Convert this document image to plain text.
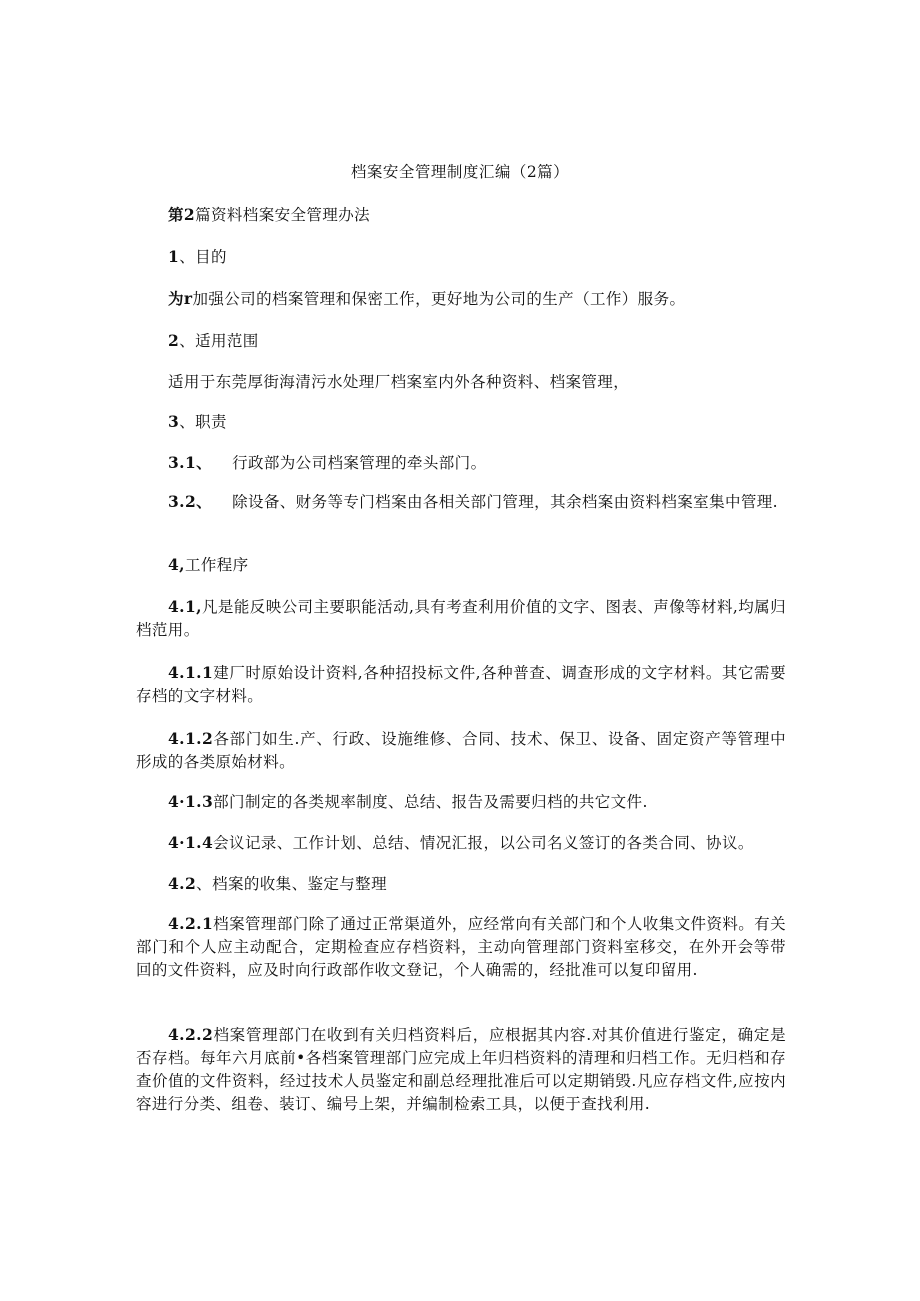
档案安全管理制度汇编（2篇）
第2篇资料档案安全管理办法
1、目的
为r加强公司的档案管理和保密工作，更好地为公司的生产（工作）服务。
2、适用范围
适用于东莞厚街海清污水处理厂档案室内外各种资料、档案管理，
3、职责
3.1、 行政部为公司档案管理的牵头部门。
3.2、 除设备、财务等专门档案由各相关部门管理，其余档案由资料档案室集中管理.
4,工作程序
4.1,凡是能反映公司主要职能活动,具有考查利用价值的文字、图表、声像等材料,均属归档范用。
4.1.1建厂时原始设计资料,各种招投标文件,各种普查、调查形成的文字材料。其它需要存档的文字材料。
4.1.2各部门如生.产、行政、设施维修、合同、技术、保卫、设备、固定资产等管理中形成的各类原始材料。
4·1.3部门制定的各类规率制度、总结、报告及需要归档的共它文件.
4·1.4会议记录、工作计划、总结、情况汇报，以公司名义签订的各类合同、协议。
4.2、档案的收集、鉴定与整理
4.2.1档案管理部门除了通过正常渠道外，应经常向有关部门和个人收集文件资料。有关部门和个人应主动配合，定期检查应存档资料，主动向管理部门资料室移交，在外开会等带回的文件资料，应及时向行政部作收文登记，个人确需的，经批准可以复印留用.
4.2.2档案管理部门在收到有关归档资料后，应根据其内容.对其价值进行鉴定，确定是否存档。每年六月底前•各档案管理部门应完成上年归档资料的清理和归档工作。无归档和存查价值的文件资料，经过技术人员鉴定和副总经理批准后可以定期销毁.凡应存档文件,应按内容进行分类、组卷、装订、编号上架，并编制检索工具，以便于查找利用.
